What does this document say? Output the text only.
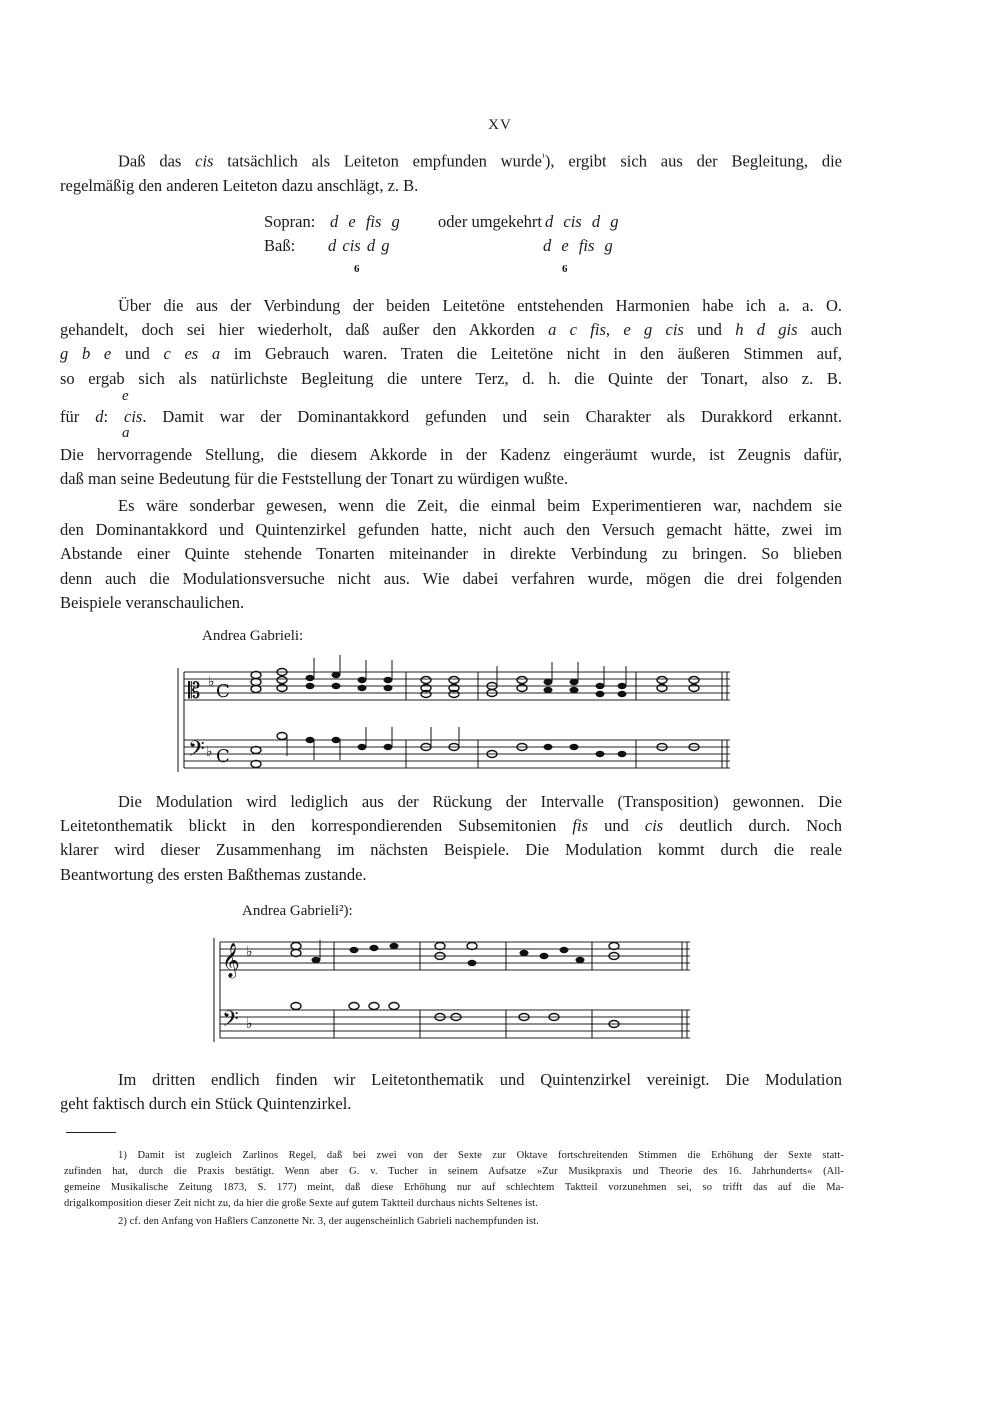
XV
Daß das cis tatsächlich als Leiteton empfunden wurde$^{^1}$), ergibt sich aus der Begleitung, die
regelmäßig den anderen Leiteton dazu anschlägt, z. B.
Sopran: d e fis g oder umgekehrt d cis d g
Baß: d cis d g	d e fis g
6	6
Über die aus der Verbindung der beiden Leitetöne entstehenden Harmonien habe ich a. a. O.
gehandelt, doch sei hier wiederholt, daß außer den Akkorden a c fis, e g cis und h d gis auch
g b e und c es a im Gebrauch waren. Traten die Leitetöne nicht in den äußeren Stimmen auf,
so ergab sich als natürlichste Begleitung die untere Terz, d. h. die Quinte der Tonart, also z. B.
e
für d: cis. Damit war der Dominantakkord gefunden und sein Charakter als Durakkord erkannt.
a
Die hervorragende Stellung, die diesem Akkorde in der Kadenz eingeräumt wurde, ist Zeugnis dafür,
daß man seine Bedeutung für die Feststellung der Tonart zu würdigen wußte.
Es wäre sonderbar gewesen, wenn die Zeit, die einmal beim Experimentieren war, nachdem sie
den Dominantakkord und Quintenzirkel gefunden hatte, nicht auch den Versuch gemacht hätte, zwei im
Abstande einer Quinte stehende Tonarten miteinander in direkte Verbindung zu bringen. So blieben
denn auch die Modulationsversuche nicht aus. Wie dabei verfahren wurde, mögen die drei folgenden
Beispiele veranschaulichen.
Andrea Gabrieli:
𝄡
𝄢
♭
♭
C
C
Die Modulation wird lediglich aus der Rückung der Intervalle (Transposition) gewonnen. Die
Leitetonthematik blickt in den korrespondierenden Subsemitonien fis und cis deutlich durch. Noch
klarer wird dieser Zusammenhang im nächsten Beispiele. Die Modulation kommt durch die reale
Beantwortung des ersten Baßthemas zustande.
Andrea Gabrieli²):
𝄞
𝄢
♭
♭
Im dritten endlich finden wir Leitetonthematik und Quintenzirkel vereinigt. Die Modulation
geht faktisch durch ein Stück Quintenzirkel.
1) Damit ist zugleich Zarlinos Regel, daß bei zwei von der Sexte zur Oktave fortschreitenden Stimmen die Erhöhung der Sexte statt-
zufinden hat, durch die Praxis bestätigt. Wenn aber G. v. Tucher in seinem Aufsatze »Zur Musikpraxis und Theorie des 16. Jahrhunderts« (All-
gemeine Musikalische Zeitung 1873, S. 177) meint, daß diese Erhöhung nur auf schlechtem Taktteil vorzunehmen sei, so trifft das auf die Ma-
drigalkomposition dieser Zeit nicht zu, da hier die große Sexte auf gutem Taktteil durchaus nichts Seltenes ist.
2) cf. den Anfang von Haßlers Canzonette Nr. 3, der augenscheinlich Gabrieli nachempfunden ist.
